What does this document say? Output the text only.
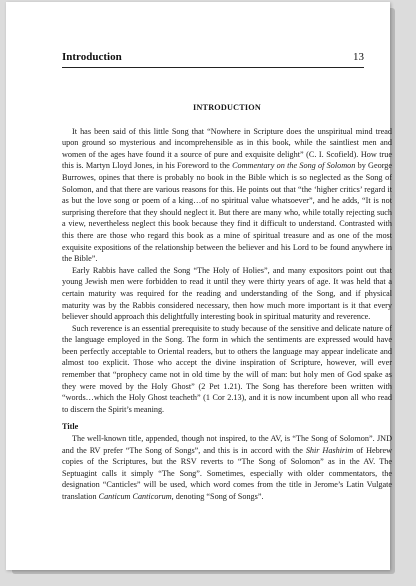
Introduction	13

INTRODUCTION

It has been said of this little Song that “Nowhere in Scripture does the unspiritual mind tread upon ground so mysterious and incomprehensible as in this book, while the saintliest men and women of the ages have found it a source of pure and exquisite delight” (C. I. Scofield). How true this is. Martyn Lloyd Jones, in his Foreword to the Commentary on the Song of Solomon by George Burrowes, opines that there is probably no book in the Bible which is so neglected as the Song of Solomon, and that there are various reasons for this. He points out that “the ‘higher critics’ regard it as but the love song or poem of a king…of no spiritual value whatsoever”, and he adds, “It is not surprising therefore that they should neglect it. But there are many who, while totally rejecting such a view, nevertheless neglect this book because they find it difficult to understand. Contrasted with this there are those who regard this book as a mine of spiritual treasure and as one of the most exquisite expositions of the relationship between the believer and his Lord to be found anywhere in the Bible”.

Early Rabbis have called the Song “The Holy of Holies”, and many expositors point out that young Jewish men were forbidden to read it until they were thirty years of age. It was held that a certain maturity was required for the reading and understanding of the Song, and if physical maturity was by the Rabbis considered necessary, then how much more important is it that every believer should approach this delightfully interesting book in spiritual maturity and reverence.

Such reverence is an essential prerequisite to study because of the sensitive and delicate nature of the language employed in the Song. The form in which the sentiments are expressed would have been perfectly acceptable to Oriental readers, but to others the language may appear indelicate and almost too explicit. Those who accept the divine inspiration of Scripture, however, will ever remember that “prophecy came not in old time by the will of man: but holy men of God spake as they were moved by the Holy Ghost” (2 Pet 1.21). The Song has therefore been written with “words…which the Holy Ghost teacheth” (1 Cor 2.13), and it is now incumbent upon all who read to discern the Spirit’s meaning.

Title

The well-known title, appended, though not inspired, to the AV, is “The Song of Solomon”. JND and the RV prefer “The Song of Songs”, and this is in accord with the Shir Hashirim of Hebrew copies of the Scriptures, but the RSV reverts to “The Song of Solomon” as in the AV. The Septuagint calls it simply “The Song”. Sometimes, especially with older commentators, the designation “Canticles” will be used, which word comes from the title in Jerome’s Latin Vulgate translation Canticum Canticorum, denoting “Song of Songs”.
